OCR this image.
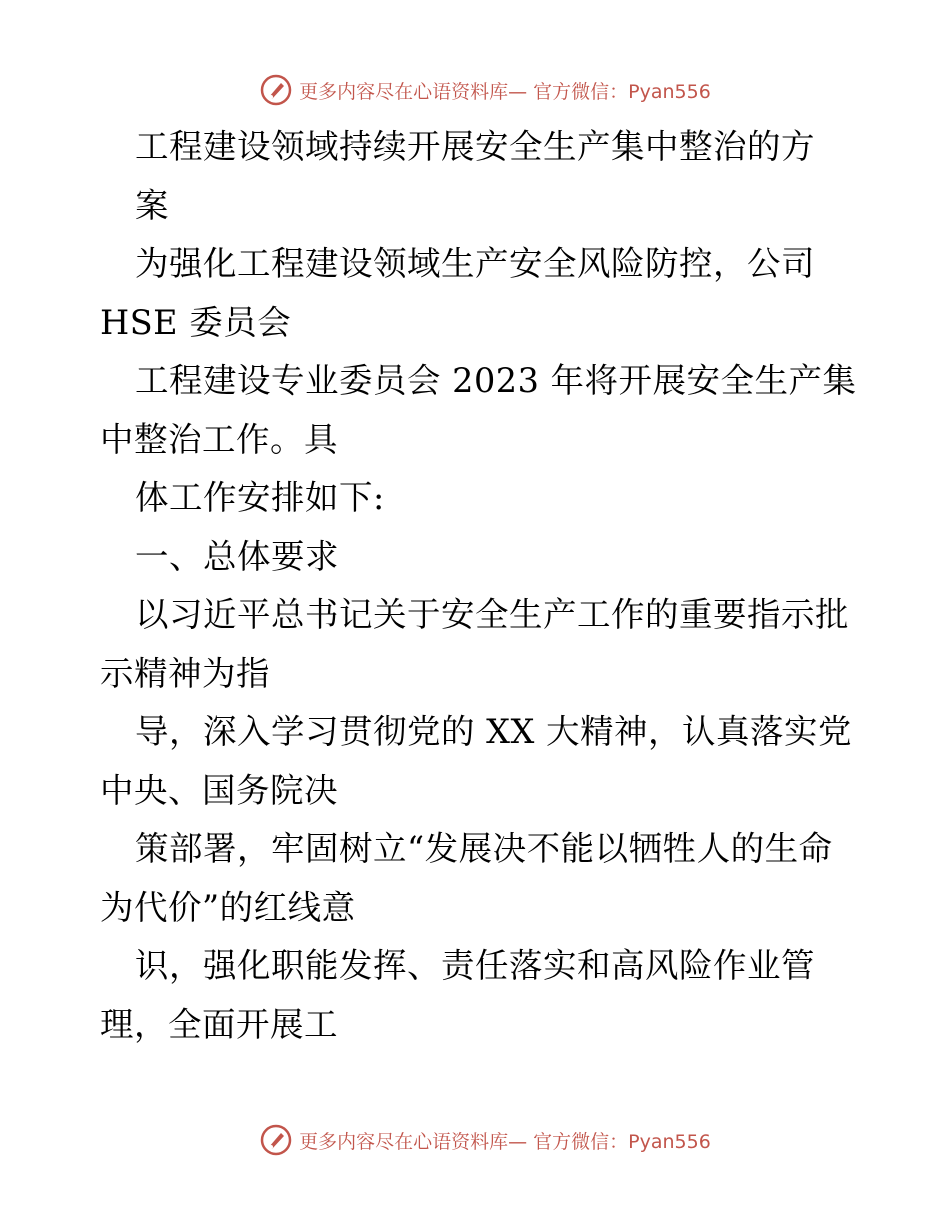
更多内容尽在心语资料库— 官方微信：Pyan556
工程建设领域持续开展安全生产集中整治的方
案
为强化工程建设领域生产安全风险防控，公司
HSE 委员会
工程建设专业委员会 2023 年将开展安全生产集
中整治工作。具
体工作安排如下:
一、总体要求
以习近平总书记关于安全生产工作的重要指示批
示精神为指
导，深入学习贯彻党的 XX 大精神，认真落实党
中央、国务院决
策部署，牢固树立“发展决不能以牺牲人的生命
为代价”的红线意
识，强化职能发挥、责任落实和高风险作业管
理，全面开展工
更多内容尽在心语资料库— 官方微信：Pyan556
